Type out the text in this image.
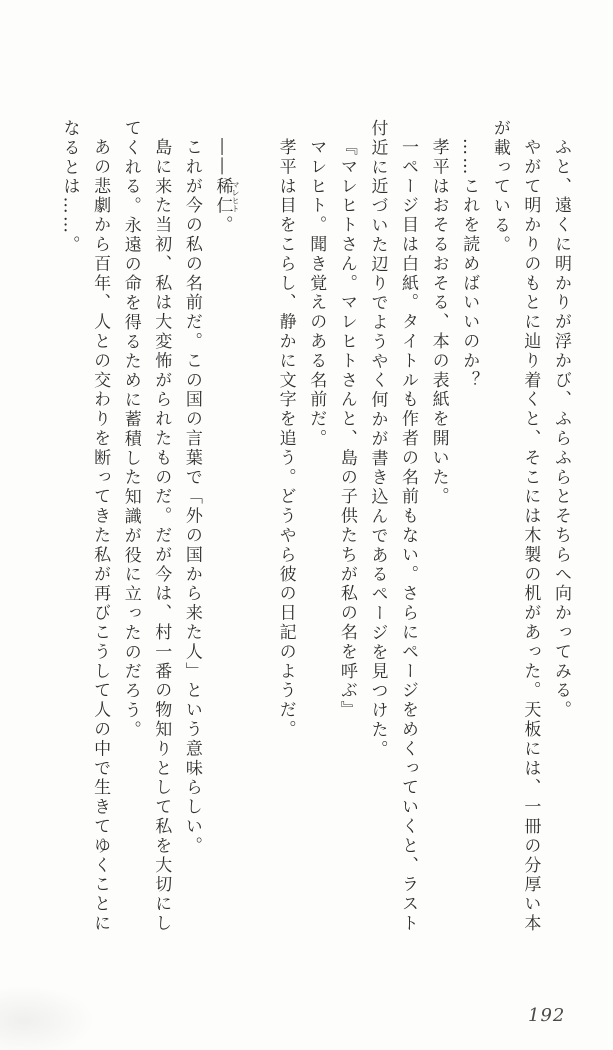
ふと、遠くに明かりが浮かび、ふらふらとそちらへ向かってみる。

やがて明かりのもとに辿り着くと、そこには木製の机があった。天板には、一冊の分厚い本が載っている。

……これを読めばいいのか？

孝平はおそるおそる、本の表紙を開いた。

一ページ目は白紙。タイトルも作者の名前もない。さらにページをめくっていくと、ラスト付近に近づいた辺りでようやく何かが書き込んであるページを見つけた。

『マレヒトさん。マレヒトさんと、島の子供たちが私の名を呼ぶ』

マレヒト。聞き覚えのある名前だ。

孝平は目をこらし、静かに文字を追う。どうやら彼の日記のようだ。

――稀仁マレヒト。

これが今の私の名前だ。この国の言葉で「外の国から来た人」という意味らしい。

島に来た当初、私は大変怖がられたものだ。だが今は、村一番の物知りとして私を大切にしてくれる。永遠の命を得るために蓄積した知識が役に立ったのだろう。

あの悲劇から百年、人との交わりを断ってきた私が再びこうして人の中で生きてゆくことになるとは……。

192
